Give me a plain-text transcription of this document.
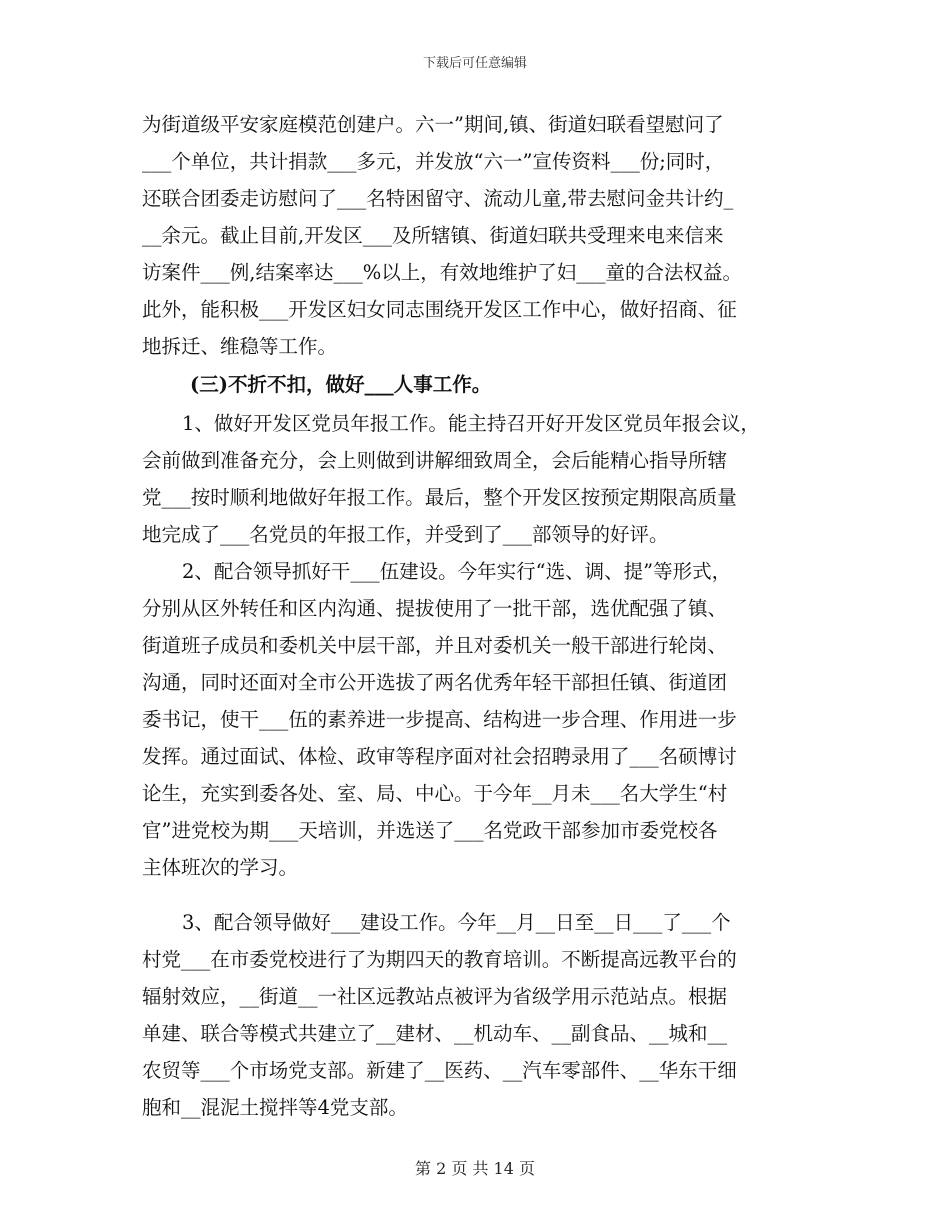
下载后可任意编辑
为街道级平安家庭模范创建户。六一”期间,镇、街道妇联看望慰问了
___个单位，共计捐款___多元，并发放“六一”宣传资料___份;同时，
还联合团委走访慰问了___名特困留守、流动儿童,带去慰问金共计约_
__余元。截止目前,开发区___及所辖镇、街道妇联共受理来电来信来
访案件___例,结案率达___%以上，有效地维护了妇___童的合法权益。
此外，能积极___开发区妇女同志围绕开发区工作中心，做好招商、征
地拆迁、维稳等工作。
(三)不折不扣，做好___人事工作。
1、做好开发区党员年报工作。能主持召开好开发区党员年报会议，
会前做到准备充分，会上则做到讲解细致周全，会后能精心指导所辖
党___按时顺利地做好年报工作。最后，整个开发区按预定期限高质量
地完成了___名党员的年报工作，并受到了___部领导的好评。
2、配合领导抓好干___伍建设。今年实行“选、调、提”等形式，
分别从区外转任和区内沟通、提拔使用了一批干部，选优配强了镇、
街道班子成员和委机关中层干部，并且对委机关一般干部进行轮岗、
沟通，同时还面对全市公开选拔了两名优秀年轻干部担任镇、街道团
委书记，使干___伍的素养进一步提高、结构进一步合理、作用进一步
发挥。通过面试、体检、政审等程序面对社会招聘录用了___名硕博讨
论生，充实到委各处、室、局、中心。于今年__月未___名大学生“村
官”进党校为期___天培训，并选送了___名党政干部参加市委党校各
主体班次的学习。
3、配合领导做好___建设工作。今年__月__日至__日___了___个
村党___在市委党校进行了为期四天的教育培训。不断提高远教平台的
辐射效应，__街道__一社区远教站点被评为省级学用示范站点。根据
单建、联合等模式共建立了__建材、__机动车、__副食品、__城和__
农贸等___个市场党支部。新建了__医药、__汽车零部件、__华东干细
胞和__混泥土搅拌等4党支部。
第 2 页 共 14 页
